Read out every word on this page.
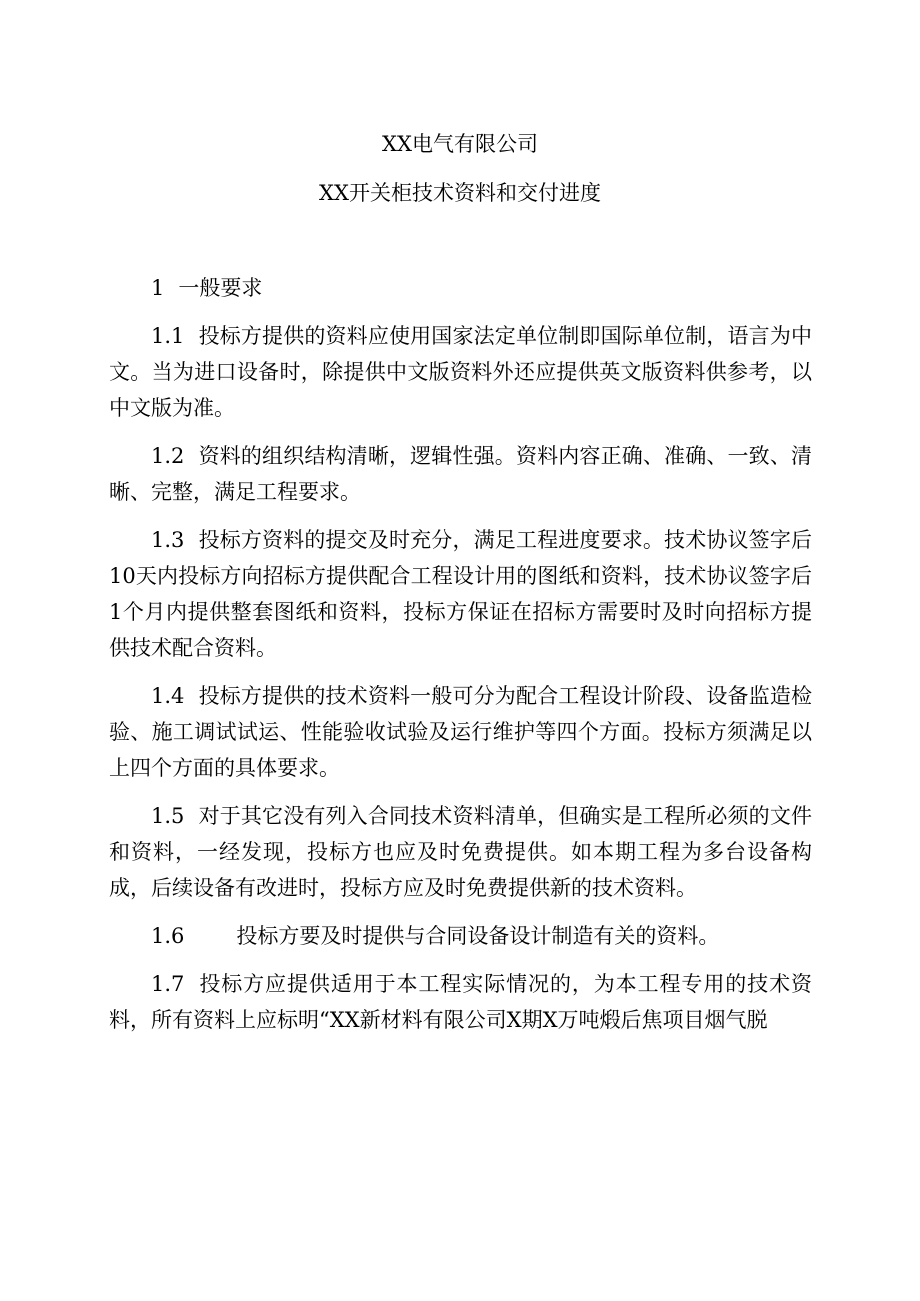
XX电气有限公司
XX开关柜技术资料和交付进度

1 一般要求

1.1 投标方提供的资料应使用国家法定单位制即国际单位制，语言为中文。当为进口设备时，除提供中文版资料外还应提供英文版资料供参考，以中文版为准。

1.2 资料的组织结构清晰，逻辑性强。资料内容正确、准确、一致、清晰、完整，满足工程要求。

1.3 投标方资料的提交及时充分，满足工程进度要求。技术协议签字后10天内投标方向招标方提供配合工程设计用的图纸和资料，技术协议签字后1个月内提供整套图纸和资料，投标方保证在招标方需要时及时向招标方提供技术配合资料。

1.4 投标方提供的技术资料一般可分为配合工程设计阶段、设备监造检验、施工调试试运、性能验收试验及运行维护等四个方面。投标方须满足以上四个方面的具体要求。

1.5 对于其它没有列入合同技术资料清单，但确实是工程所必须的文件和资料，一经发现，投标方也应及时免费提供。如本期工程为多台设备构成，后续设备有改进时，投标方应及时免费提供新的技术资料。

1.6 投标方要及时提供与合同设备设计制造有关的资料。

1.7 投标方应提供适用于本工程实际情况的，为本工程专用的技术资料，所有资料上应标明“XX新材料有限公司X期X万吨煅后焦项目烟气脱
